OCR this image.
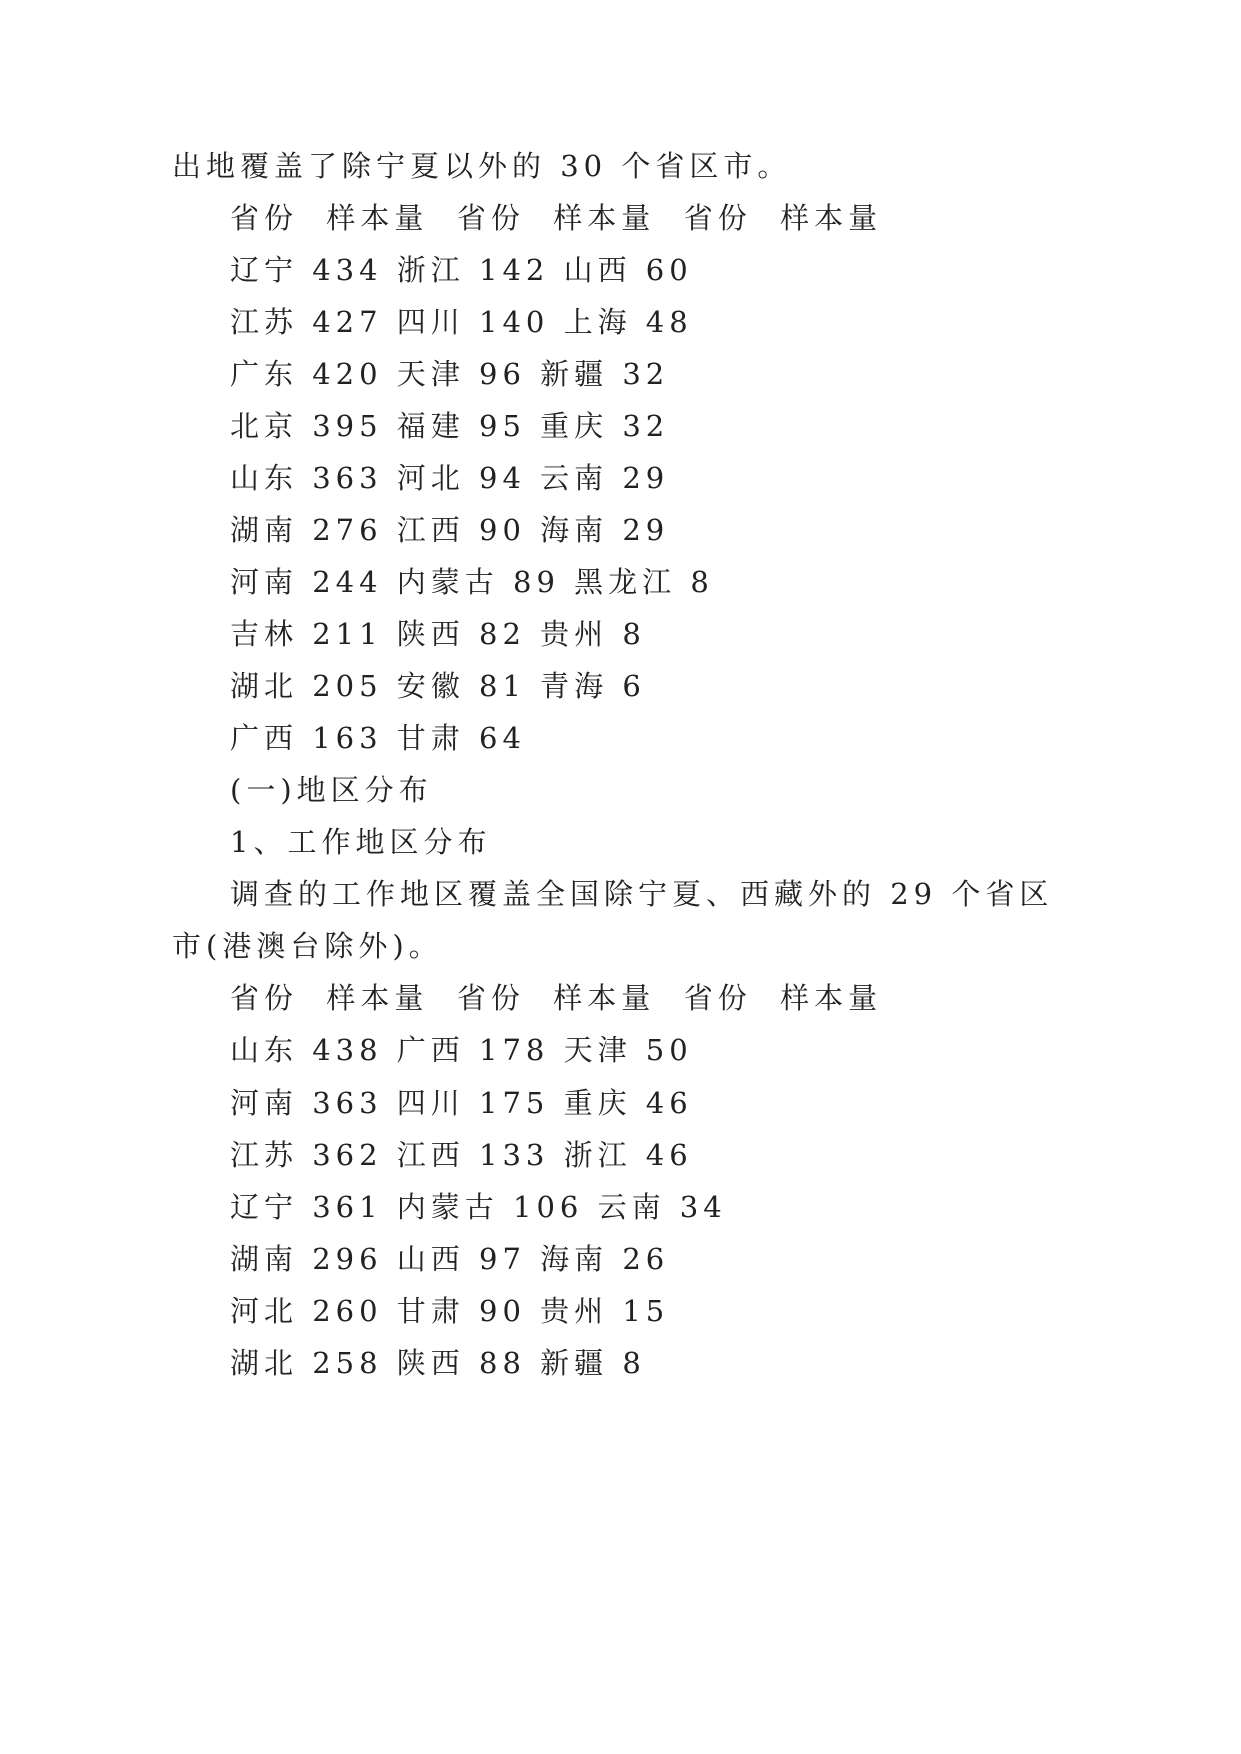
出地覆盖了除宁夏以外的 30 个省区市。
省份  样本量  省份  样本量  省份  样本量
辽宁 434 浙江 142 山西 60
江苏 427 四川 140 上海 48
广东 420 天津 96 新疆 32
北京 395 福建 95 重庆 32
山东 363 河北 94 云南 29
湖南 276 江西 90 海南 29
河南 244 内蒙古 89 黑龙江 8
吉林 211 陕西 82 贵州 8
湖北 205 安徽 81 青海 6
广西 163 甘肃 64
(一)地区分布
1、工作地区分布
调查的工作地区覆盖全国除宁夏、西藏外的 29 个省区
市(港澳台除外)。
省份  样本量  省份  样本量  省份  样本量
山东 438 广西 178 天津 50
河南 363 四川 175 重庆 46
江苏 362 江西 133 浙江 46
辽宁 361 内蒙古 106 云南 34
湖南 296 山西 97 海南 26
河北 260 甘肃 90 贵州 15
湖北 258 陕西 88 新疆 8
